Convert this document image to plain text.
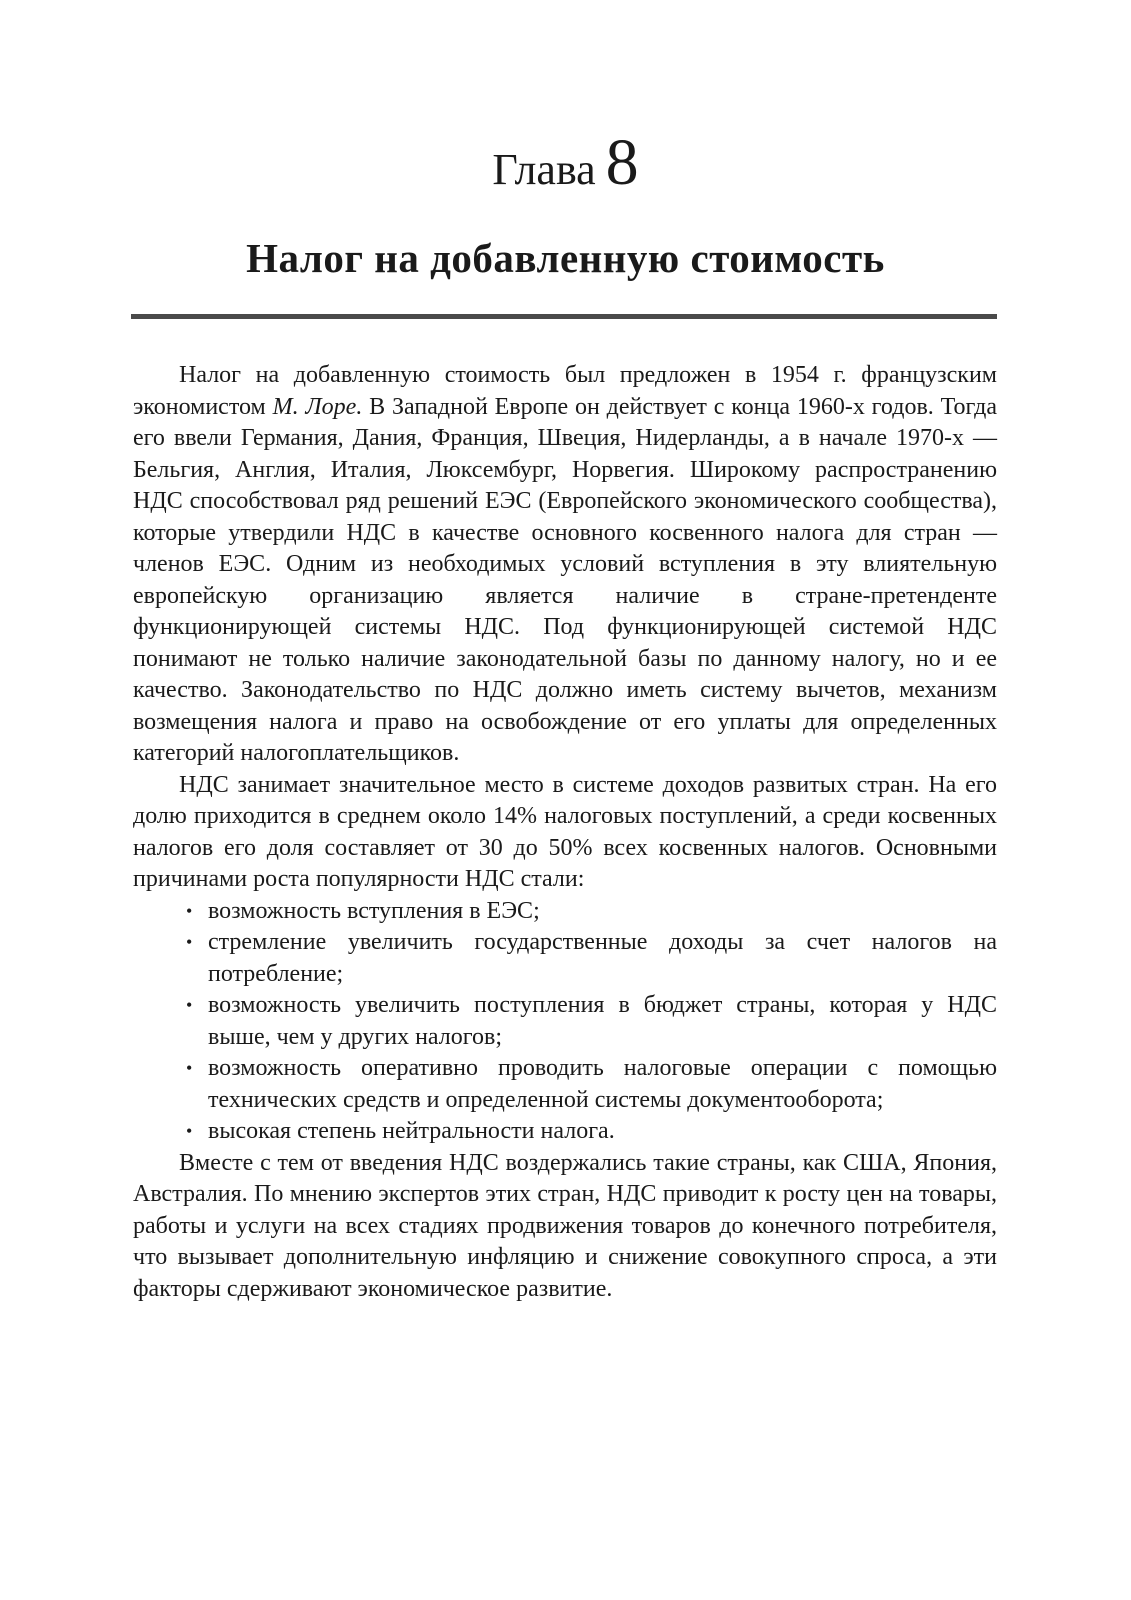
Глава 8
Налог на добавленную стоимость

Налог на добавленную стоимость был предложен в 1954 г. французским экономистом М. Лоре. В Западной Европе он действует с конца 1960-х годов. Тогда его ввели Германия, Дания, Франция, Швеция, Нидерланды, а в начале 1970-х — Бельгия, Англия, Италия, Люксембург, Норвегия. Широкому распространению НДС способствовал ряд решений ЕЭС (Европейского экономического сообщества), которые утвердили НДС в качестве основного косвенного налога для стран — членов ЕЭС. Одним из необходимых условий вступления в эту влиятельную европейскую организацию является наличие в стране-претенденте функционирующей системы НДС. Под функционирующей системой НДС понимают не только наличие законодательной базы по данному налогу, но и ее качество. Законодательство по НДС должно иметь систему вычетов, механизм возмещения налога и право на освобождение от его уплаты для определенных категорий налогоплательщиков.

НДС занимает значительное место в системе доходов развитых стран. На его долю приходится в среднем около 14% налоговых поступлений, а среди косвенных налогов его доля составляет от 30 до 50% всех косвенных налогов. Основными причинами роста популярности НДС стали:

• возможность вступления в ЕЭС;
• стремление увеличить государственные доходы за счет налогов на потребление;
• возможность увеличить поступления в бюджет страны, которая у НДС выше, чем у других налогов;
• возможность оперативно проводить налоговые операции с помощью технических средств и определенной системы документооборота;
• высокая степень нейтральности налога.

Вместе с тем от введения НДС воздержались такие страны, как США, Япония, Австралия. По мнению экспертов этих стран, НДС приводит к росту цен на товары, работы и услуги на всех стадиях продвижения товаров до конечного потребителя, что вызывает дополнительную инфляцию и снижение совокупного спроса, а эти факторы сдерживают экономическое развитие.
